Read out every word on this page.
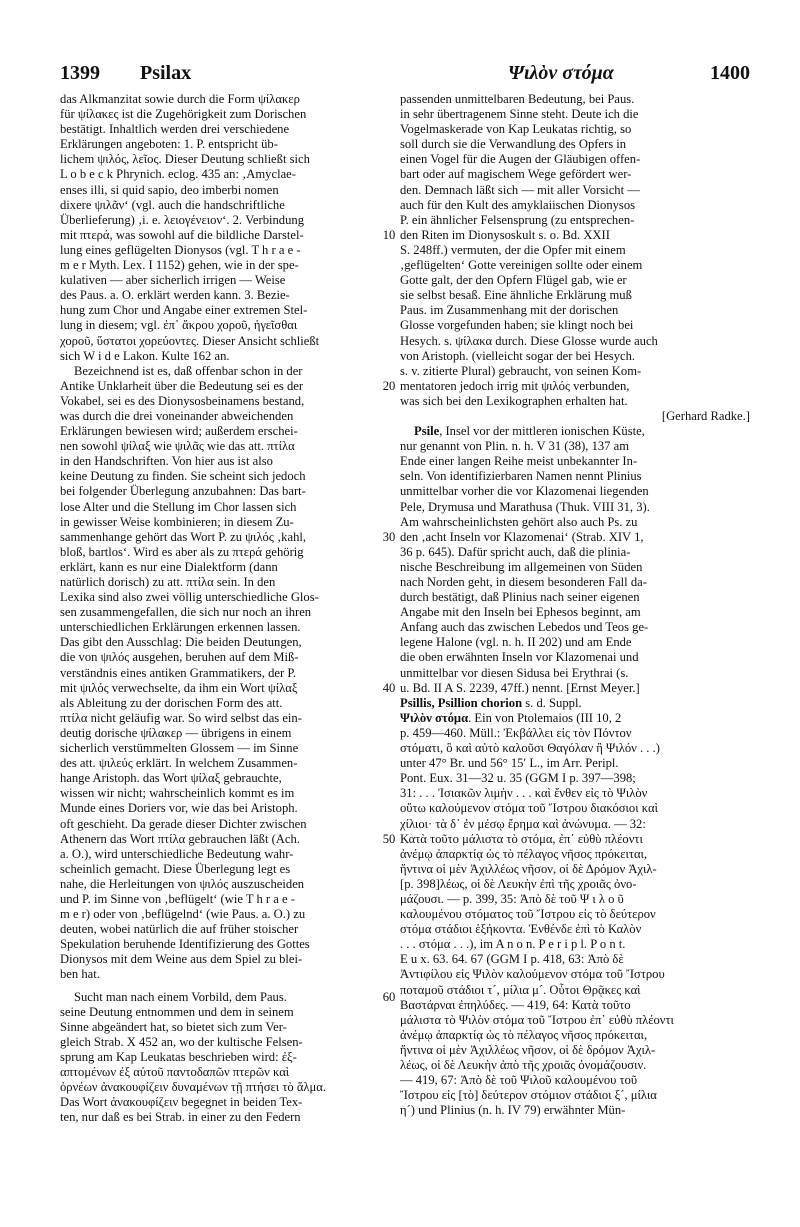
1399 Psilax	Ψιλὸν στόμα	1400
das Alkmanzitat sowie durch die Form ψίλακερ
für ψίλακες ist die Zugehörigkeit zum Dorischen
bestätigt. Inhaltlich werden drei verschiedene
Erklärungen angeboten: 1. P. entspricht üb-
lichem ψιλός, λεῖος. Dieser Deutung schließt sich
L o b e c k Phrynich. eclog. 435 an: ‚Amyclae-
enses illi, si quid sapio, deo imberbi nomen
dixere ψιλᾶν‘ (vgl. auch die handschriftliche
Überlieferung) ‚i. e. λειογένειον‘. 2. Verbindung
mit πτερά, was sowohl auf die bildliche Darstel-
lung eines geflügelten Dionysos (vgl. T h r a e -
m e r Myth. Lex. I 1152) gehen, wie in der spe-
kulativen — aber sicherlich irrigen — Weise
des Paus. a. O. erklärt werden kann. 3. Bezie-
hung zum Chor und Angabe einer extremen Stel-
lung in diesem; vgl. ἐπ᾽ ἄκρου χοροῦ, ἡγεῖσθαι
χοροῦ, ὕστατοι χορεύοντες. Dieser Ansicht schließt
sich W i d e Lakon. Kulte 162 an.
Bezeichnend ist es, daß offenbar schon in der
Antike Unklarheit über die Bedeutung sei es der
Vokabel, sei es des Dionysosbeinamens bestand,
was durch die drei voneinander abweichenden
Erklärungen bewiesen wird; außerdem erschei-
nen sowohl ψίλαξ wie ψιλᾶς wie das att. πτίλα
in den Handschriften. Von hier aus ist also
keine Deutung zu finden. Sie scheint sich jedoch
bei folgender Überlegung anzubahnen: Das bart-
lose Alter und die Stellung im Chor lassen sich
in gewisser Weise kombinieren; in diesem Zu-
sammenhange gehört das Wort P. zu ψιλός ‚kahl,
bloß, bartlos‘. Wird es aber als zu πτερά gehörig
erklärt, kann es nur eine Dialektform (dann
natürlich dorisch) zu att. πτίλα sein. In den
Lexika sind also zwei völlig unterschiedliche Glos-
sen zusammengefallen, die sich nur noch an ihren
unterschiedlichen Erklärungen erkennen lassen.
Das gibt den Ausschlag: Die beiden Deutungen,
die von ψιλός ausgehen, beruhen auf dem Miß-
verständnis eines antiken Grammatikers, der P.
mit ψιλός verwechselte, da ihm ein Wort ψίλαξ
als Ableitung zu der dorischen Form des att.
πτίλα nicht geläufig war. So wird selbst das ein-
deutig dorische ψίλακερ — übrigens in einem
sicherlich verstümmelten Glossem — im Sinne
des att. ψιλεύς erklärt. In welchem Zusammen-
hange Aristoph. das Wort ψίλαξ gebrauchte,
wissen wir nicht; wahrscheinlich kommt es im
Munde eines Doriers vor, wie das bei Aristoph.
oft geschieht. Da gerade dieser Dichter zwischen
Athenern das Wort πτίλα gebrauchen läßt (Ach.
a. O.), wird unterschiedliche Bedeutung wahr-
scheinlich gemacht. Diese Überlegung legt es
nahe, die Herleitungen von ψιλός auszuscheiden
und P. im Sinne von ‚beflügelt‘ (wie T h r a e -
m e r) oder von ‚beflügelnd‘ (wie Paus. a. O.) zu
deuten, wobei natürlich die auf früher stoischer
Spekulation beruhende Identifizierung des Gottes
Dionysos mit dem Weine aus dem Spiel zu blei-
ben hat.
Sucht man nach einem Vorbild, dem Paus.
seine Deutung entnommen und dem in seinem
Sinne abgeändert hat, so bietet sich zum Ver-
gleich Strab. X 452 an, wo der kultische Felsen-
sprung am Kap Leukatas beschrieben wird: ἐξ-
απτομένων ἐξ αὐτοῦ παντοδαπῶν πτερῶν καὶ
ὀρνέων ἀνακουφίζειν δυναμένων τῇ πτήσει τὸ ἅλμα.
Das Wort ἀνακουφίζειν begegnet in beiden Tex-
ten, nur daß es bei Strab. in einer zu den Federn
passenden unmittelbaren Bedeutung, bei Paus.
in sehr übertragenem Sinne steht. Deute ich die
Vogelmaskerade von Kap Leukatas richtig, so
soll durch sie die Verwandlung des Opfers in
einen Vogel für die Augen der Gläubigen offen-
bart oder auf magischem Wege gefördert wer-
den. Demnach läßt sich — mit aller Vorsicht —
auch für den Kult des amyklaiischen Dionysos
P. ein ähnlicher Felsensprung (zu entsprechen-
den Riten im Dionysoskult s. o. Bd. XXII
S. 248ff.) vermuten, der die Opfer mit einem
‚geflügelten‘ Gotte vereinigen sollte oder einem
Gotte galt, der den Opfern Flügel gab, wie er
sie selbst besaß. Eine ähnliche Erklärung muß
Paus. im Zusammenhang mit der dorischen
Glosse vorgefunden haben; sie klingt noch bei
Hesych. s. ψίλακα durch. Diese Glosse wurde auch
von Aristoph. (vielleicht sogar der bei Hesych.
s. v. zitierte Plural) gebraucht, von seinen Kom-
mentatoren jedoch irrig mit ψιλός verbunden,
was sich bei den Lexikographen erhalten hat.
[Gerhard Radke.]
Psile, Insel vor der mittleren ionischen Küste,
nur genannt von Plin. n. h. V 31 (38), 137 am
Ende einer langen Reihe meist unbekannter In-
seln. Von identifizierbaren Namen nennt Plinius
unmittelbar vorher die vor Klazomenai liegenden
Pele, Drymusa und Marathusa (Thuk. VIII 31, 3).
Am wahrscheinlichsten gehört also auch Ps. zu
den ‚acht Inseln vor Klazomenai‘ (Strab. XIV 1,
36 p. 645). Dafür spricht auch, daß die plinia-
nische Beschreibung im allgemeinen von Süden
nach Norden geht, in diesem besonderen Fall da-
durch bestätigt, daß Plinius nach seiner eigenen
Angabe mit den Inseln bei Ephesos beginnt, am
Anfang auch das zwischen Lebedos und Teos ge-
legene Halone (vgl. n. h. II 202) und am Ende
die oben erwähnten Inseln vor Klazomenai und
unmittelbar vor diesen Sidusa bei Erythrai (s.
u. Bd. II A S. 2239, 47ff.) nennt. [Ernst Meyer.]
Psillis, Psillion chorion s. d. Suppl.
Ψιλὸν στόμα. Ein von Ptolemaios (III 10, 2
p. 459—460. Müll.: Ἐκβάλλει εἰς τὸν Πόντον
στόματι, ὃ καὶ αὐτὸ καλοῦσι Θαγόλαν ἢ Ψιλόν . . .)
unter 47° Br. und 56° 15′ L., im Arr. Peripl.
Pont. Eux. 31—32 u. 35 (GGM I p. 397—398;
31: . . . Ἰσιακῶν λιμὴν . . . καὶ ἔνθεν εἰς τὸ Ψιλὸν
οὕτω καλούμενον στόμα τοῦ Ἴστρου διακόσιοι καὶ
χίλιοι· τὰ δ᾽ ἐν μέσῳ ἔρημα καὶ ἀνώνυμα. — 32:
Κατὰ τοῦτο μάλιστα τὸ στόμα, ἐπ᾽ εὐθὺ πλέοντι
ἀνέμῳ ἀπαρκτίᾳ ὡς τὸ πέλαγος νῆσος πρόκειται,
ἥντινα οἱ μὲν Ἀχιλλέως νῆσον, οἱ δὲ Δρόμον Ἀχιλ-
[p. 398]λέως, οἱ δὲ Λευκὴν ἐπὶ τῆς χροιᾶς ὀνο-
μάζουσι. — p. 399, 35: Ἀπὸ δὲ τοῦ Ψ ι λ ο ῦ
καλουμένου στόματος τοῦ Ἴστρου εἰς τὸ δεύτερον
στόμα στάδιοι ἑξήκοντα. Ἐνθένδε ἐπὶ τὸ Καλὸν
. . . στόμα . . .), im A n o n. P e r i p l. P o n t.
E u x. 63. 64. 67 (GGM I p. 418, 63: Ἀπὸ δὲ
Ἀντιφίλου εἰς Ψιλὸν καλούμενον στόμα τοῦ Ἴστρου
ποταμοῦ στάδιοι τ´, μίλια μ´. Οὗτοι Θρᾷκες καὶ
Βαστάρναι ἐπηλύδες. — 419, 64: Κατὰ τοῦτο
μάλιστα τὸ Ψιλὸν στόμα τοῦ Ἴστρου ἐπ᾽ εὐθὺ πλέοντι
ἀνέμῳ ἀπαρκτίᾳ ὡς τὸ πέλαγος νῆσος πρόκειται,
ἥντινα οἱ μὲν Ἀχιλλέως νῆσον, οἱ δὲ δρόμον Ἀχιλ-
λέως, οἱ δὲ Λευκὴν ἀπὸ τῆς χροιᾶς ὀνομάζουσιν.
— 419, 67: Ἀπὸ δὲ τοῦ Ψιλοῦ καλουμένου τοῦ
Ἴστρου εἰς [τὸ] δεύτερον στόμιον στάδιοι ξ´, μίλια
η´) und Plinius (n. h. IV 79) erwähnter Mün-
10
20
30
40
50
60
